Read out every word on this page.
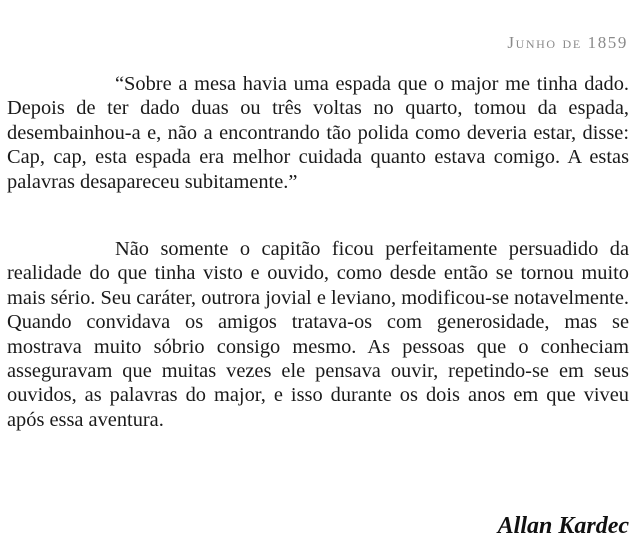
Junho de 1859

“Sobre a mesa havia uma espada que o major me tinha dado. Depois de ter dado duas ou três voltas no quarto, tomou da espada, desembainhou-a e, não a encontrando tão polida como deveria estar, disse: Cap, cap, esta espada era melhor cuidada quanto estava comigo. A estas palavras desapareceu subitamente.”

Não somente o capitão ficou perfeitamente persuadido da realidade do que tinha visto e ouvido, como desde então se tornou muito mais sério. Seu caráter, outrora jovial e leviano, modificou-se notavelmente. Quando convidava os amigos tratava-os com generosidade, mas se mostrava muito sóbrio consigo mesmo. As pessoas que o conheciam asseguravam que muitas vezes ele pensava ouvir, repetindo-se em seus ouvidos, as palavras do major, e isso durante os dois anos em que viveu após essa aventura.

Allan Kardec
